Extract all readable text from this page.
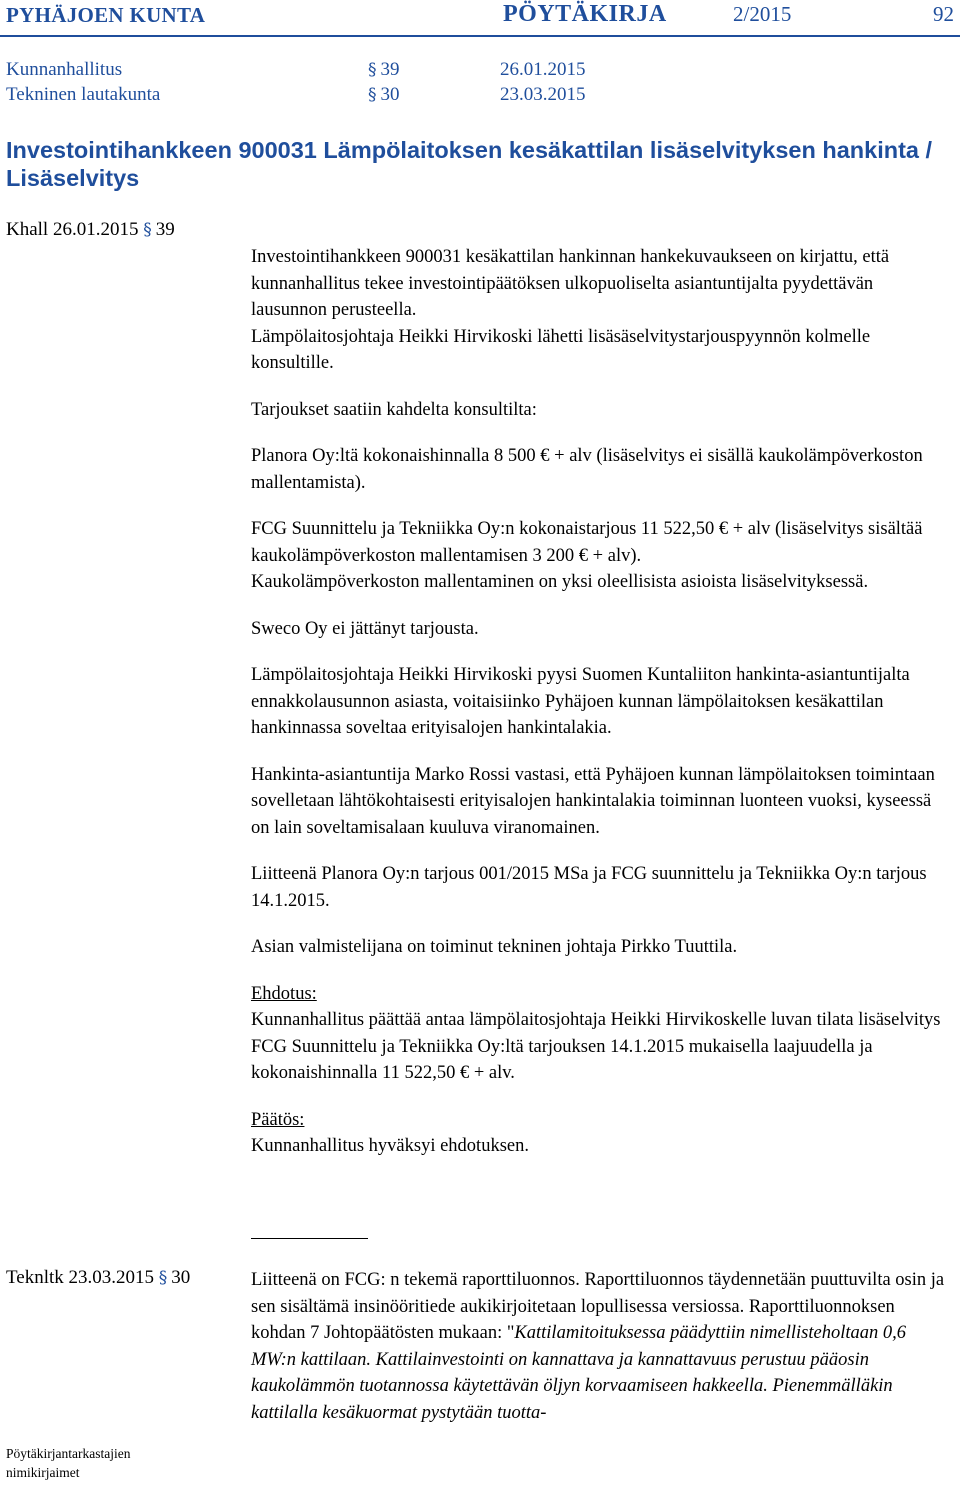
PYHÄJOEN KUNTA	PÖYTÄKIRJA	2/2015	92
Kunnanhallitus	§ 39	26.01.2015
Tekninen lautakunta	§ 30	23.03.2015
Investointihankkeen 900031 Lämpölaitoksen kesäkattilan lisäselvityksen hankinta / Lisäselvitys
Khall 26.01.2015 § 39

Investointihankkeen 900031 kesäkattilan hankinnan hankekuvaukseen on kirjattu, että kunnanhallitus tekee investointipäätöksen ulkopuoliselta asiantuntijalta pyydettävän lausunnon perusteella.

Lämpölaitosjohtaja Heikki Hirvikoski lähetti lisäsäselvitystarjouspyynnön kolmelle konsultille.

Tarjoukset saatiin kahdelta konsultilta:

Planora Oy:ltä kokonaishinnalla 8 500 € + alv (lisäselvitys ei sisällä kaukolämpöverkoston mallentamista).

FCG Suunnittelu ja Tekniikka Oy:n kokonaistarjous 11 522,50 € + alv (lisäselvitys sisältää kaukolämpöverkoston mallentamisen 3 200 € + alv).

Kaukolämpöverkoston mallentaminen on yksi oleellisista asioista lisäselvityksessä.

Sweco Oy ei jättänyt tarjousta.

Lämpölaitosjohtaja Heikki Hirvikoski pyysi Suomen Kuntaliiton hankinta-asiantuntijalta ennakkolausunnon asiasta, voitaisiinko Pyhäjoen kunnan lämpölaitoksen kesäkattilan hankinnassa soveltaa erityisalojen hankintalakia.

Hankinta-asiantuntija Marko Rossi vastasi, että Pyhäjoen kunnan lämpölaitoksen toimintaan sovelletaan lähtökohtaisesti erityisalojen hankintalakia toiminnan luonteen vuoksi, kyseessä on lain soveltamisalaan kuuluva viranomainen.

Liitteenä Planora Oy:n tarjous 001/2015 MSa ja FCG suunnittelu ja Tekniikka Oy:n tarjous 14.1.2015.

Asian valmistelijana on toiminut tekninen johtaja Pirkko Tuuttila.

Ehdotus:

Kunnanhallitus päättää antaa lämpölaitosjohtaja Heikki Hirvikoskelle luvan tilata lisäselvitys FCG Suunnittelu ja Tekniikka Oy:ltä tarjouksen 14.1.2015 mukaisella laajuudella ja kokonaishinnalla 11 522,50 € + alv.

Päätös:

Kunnanhallitus hyväksyi ehdotuksen.

Teknltk 23.03.2015 § 30	Liitteenä on FCG: n tekemä raporttiluonnos. Raporttiluonnos täydennetään puuttuvilta osin ja sen sisältämä insinööritiede aukikirjoitetaan lopullisessa versiossa. Raporttiluonnoksen kohdan 7 Johtopäätösten mukaan: "Kattilamitoituksessa päädyttiin nimellisteholtaan 0,6 MW:n kattilaan. Kattilainvestointi on kannattava ja kannattavuus perustuu pääosin kaukolämmön tuotannossa käytettävän öljyn korvaamiseen hakkeella. Pienemmälläkin kattilalla kesäkuormat pystytään tuotta-

Pöytäkirjantarkastajien
nimikirjaimet
